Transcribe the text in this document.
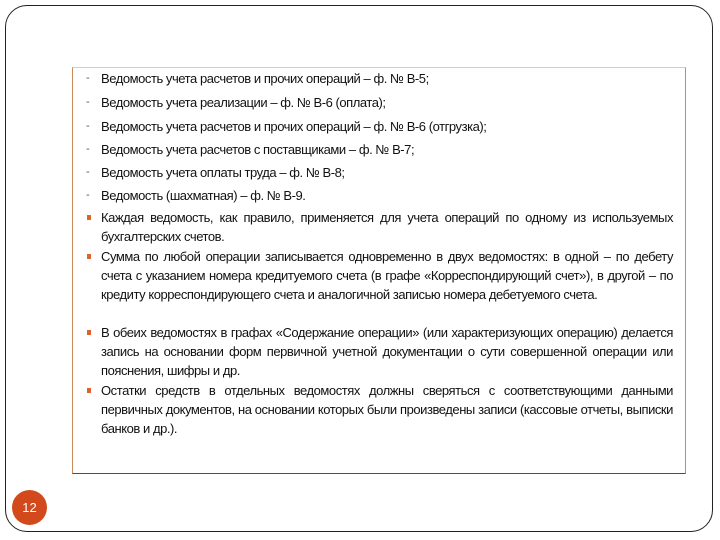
- Ведомость учета расчетов и прочих операций – ф. № В-5;
- Ведомость учета реализации – ф. № В-6 (оплата);
- Ведомость учета расчетов и прочих операций – ф. № В-6 (отгрузка);
- Ведомость учета расчетов с поставщиками – ф. № В-7;
- Ведомость учета оплаты труда – ф. № В-8;
- Ведомость (шахматная) – ф. № В-9.
Каждая ведомость, как правило, применяется для учета операций по одному из используемых бухгалтерских счетов.
Сумма по любой операции записывается одновременно в двух ведомостях: в одной – по дебету счета с указанием номера кредитуемого счета (в графе «Корреспондирующий счет»), в другой – по кредиту корреспондирующего счета и аналогичной записью номера дебетуемого счета.
В обеих ведомостях в графах «Содержание операции» (или характеризующих операцию) делается запись на основании форм первичной учетной документации о сути совершенной операции или пояснения, шифры и др.
Остатки средств в отдельных ведомостях должны сверяться с соответствующими данными первичных документов, на основании которых были произведены записи (кассовые отчеты, выписки банков и др.).
12
